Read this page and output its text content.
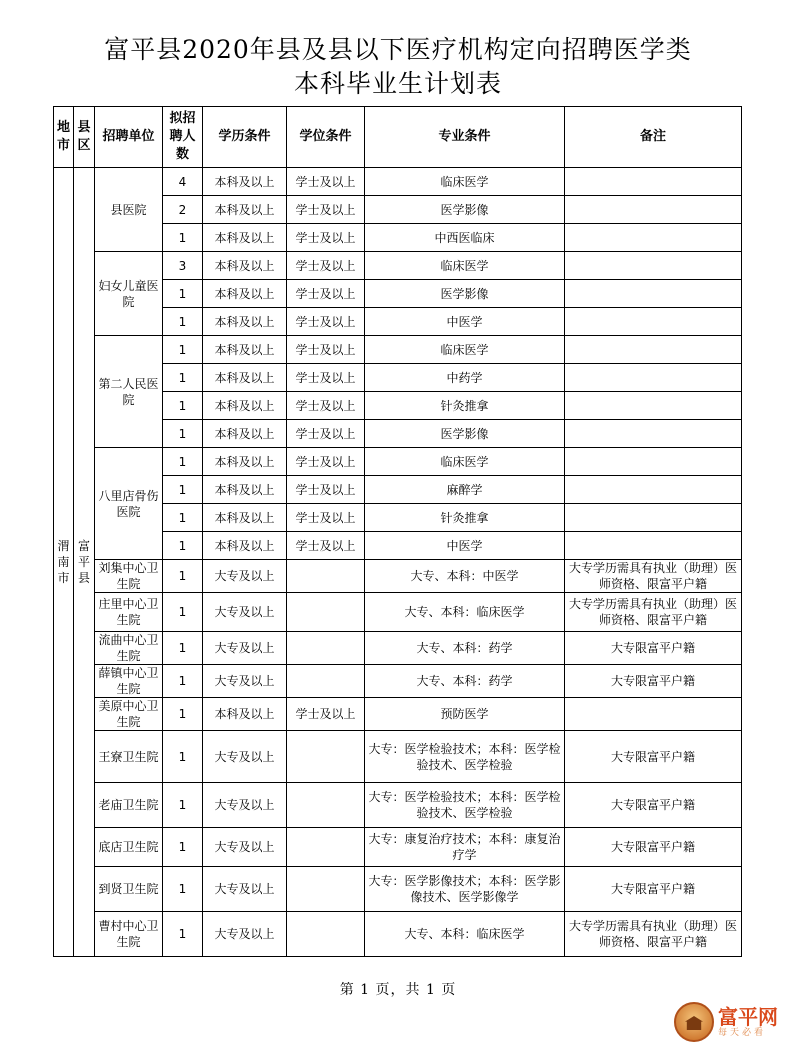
富平县2020年县及县以下医疗机构定向招聘医学类
本科毕业生计划表
地市	县区	招聘单位	拟招聘人数	学历条件	学位条件	专业条件	备注
渭南市	富平县	县医院	4	本科及以上	学士及以上	临床医学	
			2	本科及以上	学士及以上	医学影像	
			1	本科及以上	学士及以上	中西医临床	
		妇女儿童医院	3	本科及以上	学士及以上	临床医学	
			1	本科及以上	学士及以上	医学影像	
			1	本科及以上	学士及以上	中医学	
		第二人民医院	1	本科及以上	学士及以上	临床医学	
			1	本科及以上	学士及以上	中药学	
			1	本科及以上	学士及以上	针灸推拿	
			1	本科及以上	学士及以上	医学影像	
		八里店骨伤医院	1	本科及以上	学士及以上	临床医学	
			1	本科及以上	学士及以上	麻醉学	
			1	本科及以上	学士及以上	针灸推拿	
			1	本科及以上	学士及以上	中医学	
		刘集中心卫生院	1	大专及以上		大专、本科：中医学	大专学历需具有执业（助理）医师资格、限富平户籍
		庄里中心卫生院	1	大专及以上		大专、本科：临床医学	大专学历需具有执业（助理）医师资格、限富平户籍
		流曲中心卫生院	1	大专及以上		大专、本科：药学	大专限富平户籍
		薛镇中心卫生院	1	大专及以上		大专、本科：药学	大专限富平户籍
		美原中心卫生院	1	本科及以上	学士及以上	预防医学	
		王寮卫生院	1	大专及以上		大专：医学检验技术；本科：医学检验技术、医学检验	大专限富平户籍
		老庙卫生院	1	大专及以上		大专：医学检验技术；本科：医学检验技术、医学检验	大专限富平户籍
		底店卫生院	1	大专及以上		大专：康复治疗技术；本科：康复治疗学	大专限富平户籍
		到贤卫生院	1	大专及以上		大专：医学影像技术；本科：医学影像技术、医学影像学	大专限富平户籍
		曹村中心卫生院	1	大专及以上		大专、本科：临床医学	大专学历需具有执业（助理）医师资格、限富平户籍
第 1 页，共 1 页
富平网
每天必看
